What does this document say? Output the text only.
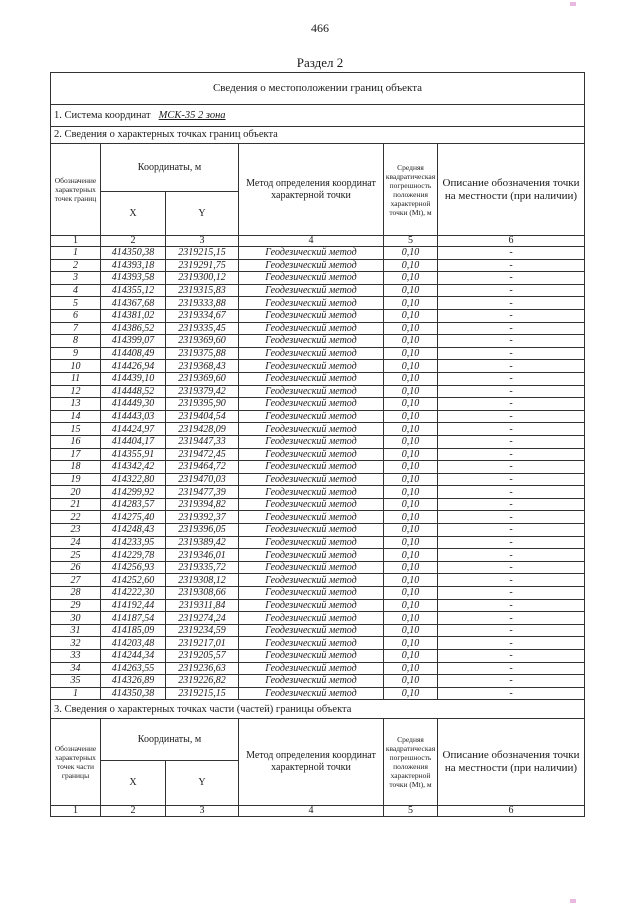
466
Раздел 2
Сведения о местоположении границ объекта					
1. Система координат МСК-35 2 зона					
2. Сведения о характерных точках границ объекта					
Обозначение характерных точек границ	Координаты, м		Метод определения координат характерной точки	Средняя квадратическая погрешность положения характерной точки (Мt), м	Описание обозначения точки на местности (при наличии)
	X	Y			
1	2	3	4	5	6
1	414350,38	2319215,15	Геодезический метод	0,10	-
2	414393,18	2319291,75	Геодезический метод	0,10	-
3	414393,58	2319300,12	Геодезический метод	0,10	-
4	414355,12	2319315,83	Геодезический метод	0,10	-
5	414367,68	2319333,88	Геодезический метод	0,10	-
6	414381,02	2319334,67	Геодезический метод	0,10	-
7	414386,52	2319335,45	Геодезический метод	0,10	-
8	414399,07	2319369,60	Геодезический метод	0,10	-
9	414408,49	2319375,88	Геодезический метод	0,10	-
10	414426,94	2319368,43	Геодезический метод	0,10	-
11	414439,10	2319369,60	Геодезический метод	0,10	-
12	414448,52	2319379,42	Геодезический метод	0,10	-
13	414449,30	2319395,90	Геодезический метод	0,10	-
14	414443,03	2319404,54	Геодезический метод	0,10	-
15	414424,97	2319428,09	Геодезический метод	0,10	-
16	414404,17	2319447,33	Геодезический метод	0,10	-
17	414355,91	2319472,45	Геодезический метод	0,10	-
18	414342,42	2319464,72	Геодезический метод	0,10	-
19	414322,80	2319470,03	Геодезический метод	0,10	-
20	414299,92	2319477,39	Геодезический метод	0,10	-
21	414283,57	2319394,82	Геодезический метод	0,10	-
22	414275,40	2319392,37	Геодезический метод	0,10	-
23	414248,43	2319396,05	Геодезический метод	0,10	-
24	414233,95	2319389,42	Геодезический метод	0,10	-
25	414229,78	2319346,01	Геодезический метод	0,10	-
26	414256,93	2319335,72	Геодезический метод	0,10	-
27	414252,60	2319308,12	Геодезический метод	0,10	-
28	414222,30	2319308,66	Геодезический метод	0,10	-
29	414192,44	2319311,84	Геодезический метод	0,10	-
30	414187,54	2319274,24	Геодезический метод	0,10	-
31	414185,09	2319234,59	Геодезический метод	0,10	-
32	414203,48	2319217,01	Геодезический метод	0,10	-
33	414244,34	2319205,57	Геодезический метод	0,10	-
34	414263,55	2319236,63	Геодезический метод	0,10	-
35	414326,89	2319226,82	Геодезический метод	0,10	-
1	414350,38	2319215,15	Геодезический метод	0,10	-
3. Сведения о характерных точках части (частей) границы объекта					
Обозначение характерных точек части границы	Координаты, м		Метод определения координат характерной точки	Средняя квадратическая погрешность положения характерной точки (Мt), м	Описание обозначения точки на местности (при наличии)
	X	Y			
1	2	3	4	5	6
